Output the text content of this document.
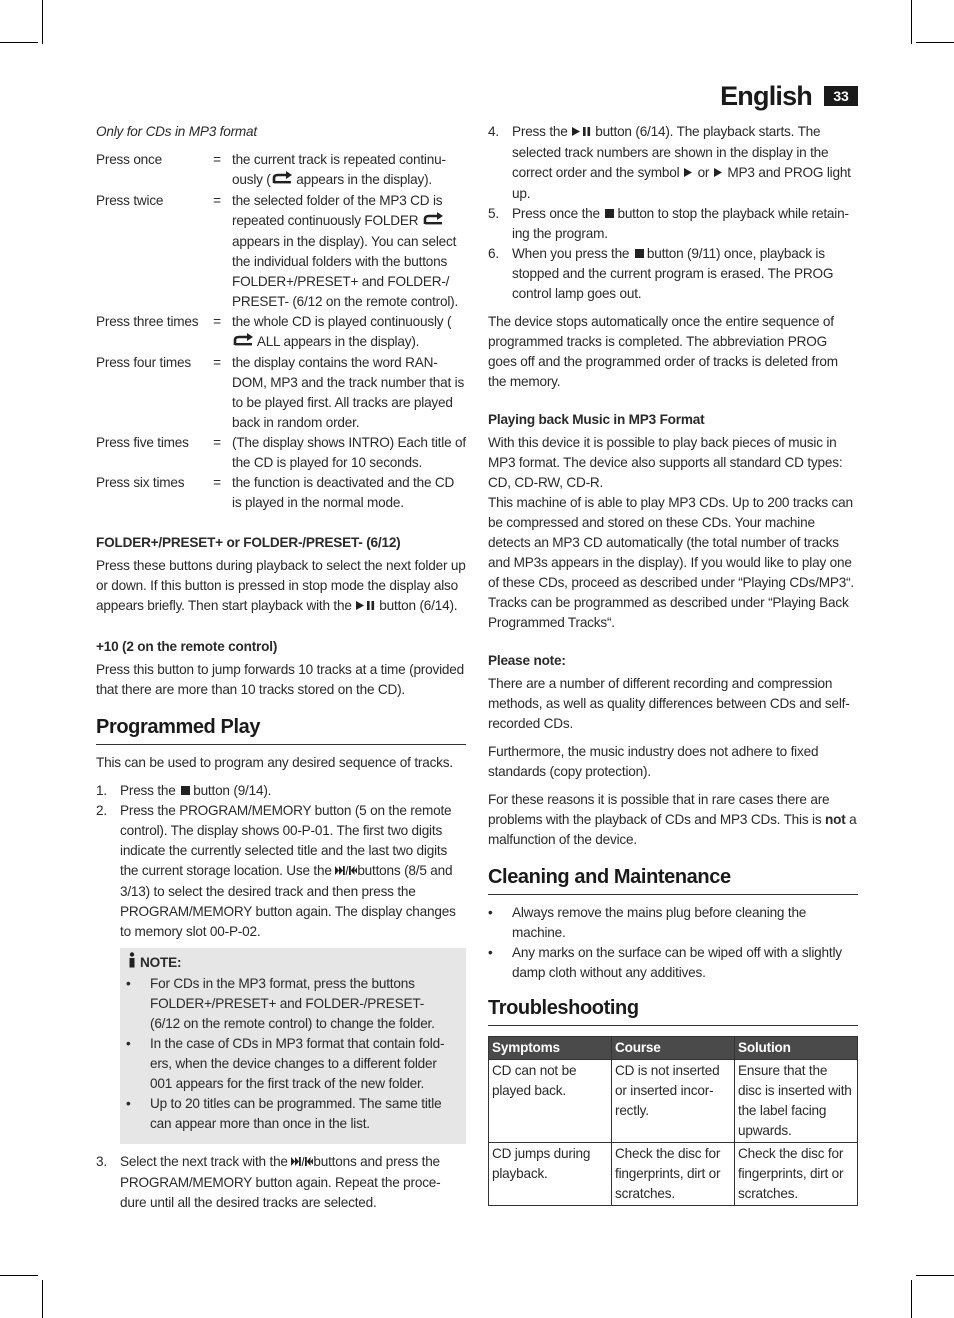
English	33

Only for CDs in MP3 format

Press once	=	the current track is repeated continu-ously ( appears in the display).
Press twice	=	the selected folder of the MP3 CD is repeated continuously FOLDER  appears in the display). You can select the individual folders with the buttons FOLDER+/PRESET+ and FOLDER-/ PRESET- (6/12 on the remote control).
Press three times	=	the whole CD is played continuously ( ALL appears in the display).
Press four times	=	the display contains the word RAN-DOM, MP3 and the track number that is to be played first. All tracks are played back in random order.
Press five times	=	(The display shows INTRO) Each title of the CD is played for 10 seconds.
Press six times	=	the function is deactivated and the CD is played in the normal mode.

FOLDER+/PRESET+ or FOLDER-/PRESET- (6/12)

Press these buttons during playback to select the next folder up or down. If this button is pressed in stop mode the display also appears briefly. Then start playback with the button (6/14).

+10 (2 on the remote control)

Press this button to jump forwards 10 tracks at a time (provided that there are more than 10 tracks stored on the CD).

Programmed Play

This can be used to program any desired sequence of tracks.

1. Press the button (9/14).
2. Press the PROGRAM/MEMORY button (5 on the remote control). The display shows 00-P-01. The first two digits indicate the currently selected title and the last two digits the current storage location. Use the buttons (8/5 and 3/13) to select the desired track and then press the PROGRAM/MEMORY button again. The display changes to memory slot 00-P-02.
NOTE:
• For CDs in the MP3 format, press the buttons FOLDER+/PRESET+ and FOLDER-/PRESET- (6/12 on the remote control) to change the folder.
• In the case of CDs in MP3 format that contain fold-ers, when the device changes to a different folder 001 appears for the first track of the new folder.
• Up to 20 titles can be programmed. The same title can appear more than once in the list.
3. Select the next track with the buttons and press the PROGRAM/MEMORY button again. Repeat the proce-dure until all the desired tracks are selected.
4. Press the button (6/14). The playback starts. The selected track numbers are shown in the display in the correct order and the symbol  or  MP3 and PROG light up.
5. Press once the button to stop the playback while retain-ing the program.
6. When you press the button (9/11) once, playback is stopped and the current program is erased. The PROG control lamp goes out.

The device stops automatically once the entire sequence of programmed tracks is completed. The abbreviation PROG goes off and the programmed order of tracks is deleted from the memory.

Playing back Music in MP3 Format

With this device it is possible to play back pieces of music in MP3 format. The device also supports all standard CD types: CD, CD-RW, CD-R.

This machine of is able to play MP3 CDs. Up to 200 tracks can be compressed and stored on these CDs. Your machine detects an MP3 CD automatically (the total number of tracks and MP3s appears in the display). If you would like to play one of these CDs, proceed as described under “Playing CDs/MP3“. Tracks can be programmed as described under “Playing Back Programmed Tracks“.

Please note:

There are a number of different recording and compression methods, as well as quality differences between CDs and self-recorded CDs.

Furthermore, the music industry does not adhere to fixed standards (copy protection).

For these reasons it is possible that in rare cases there are problems with the playback of CDs and MP3 CDs. This is not a malfunction of the device.

Cleaning and Maintenance
• Always remove the mains plug before cleaning the machine.
• Any marks on the surface can be wiped off with a slightly damp cloth without any additives.
Troubleshooting
Symptoms	Course	Solution
CD can not be played back.	CD is not inserted or inserted incor-rectly.	Ensure that the disc is inserted with the label facing upwards.
CD jumps during playback.	Check the disc for fingerprints, dirt or scratches.	Check the disc for fingerprints, dirt or scratches.
